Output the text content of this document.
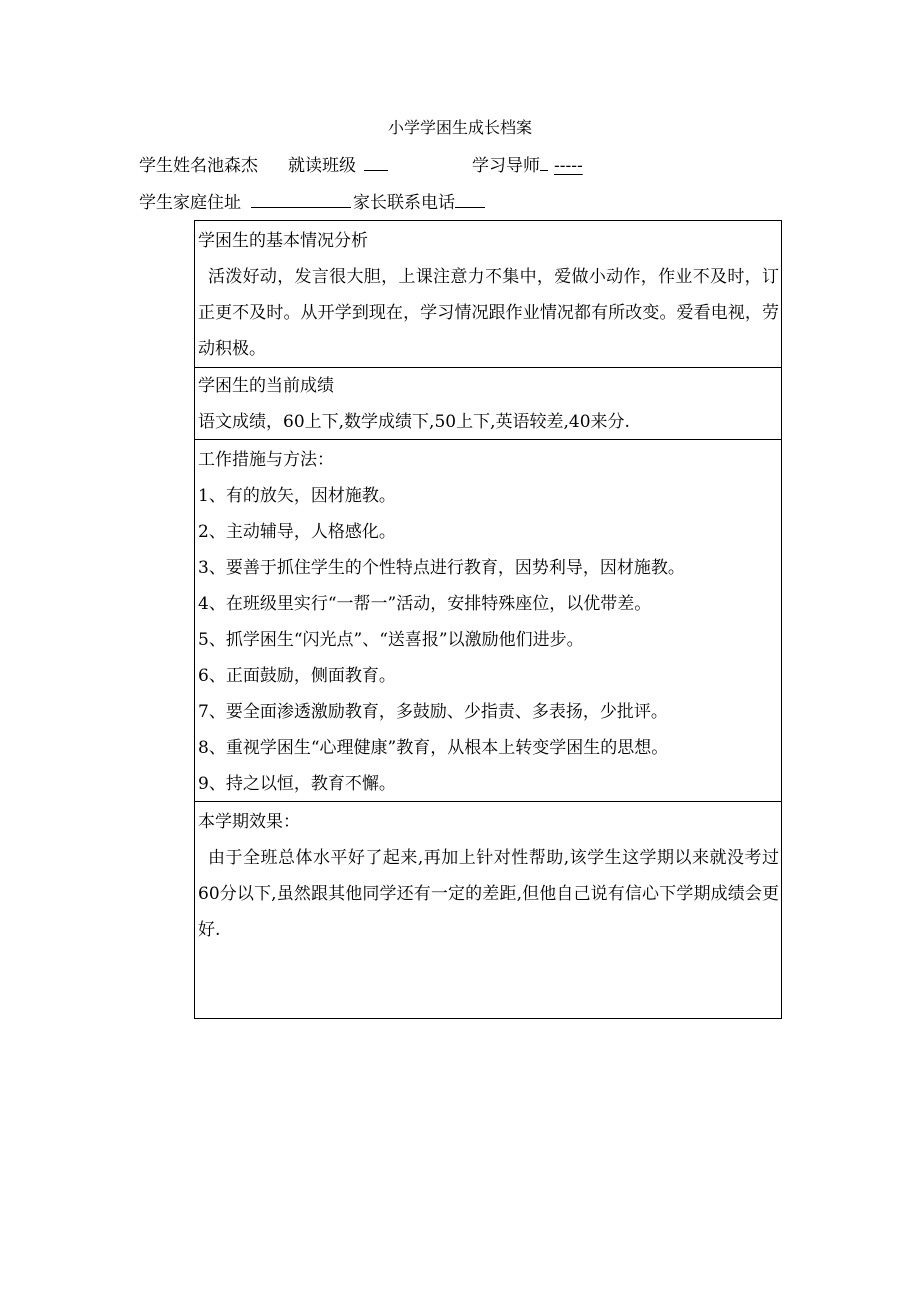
小学学困生成长档案
学生姓名池森杰 就读班级	学习导师 -----
学生家庭住址	家长联系电话
学困生的基本情况分析
活泼好动，发言很大胆，上课注意力不集中，爱做小动作，作业不及时，订正更不及时。从开学到现在，学习情况跟作业情况都有所改变。爱看电视，劳动积极。
学困生的当前成绩
语文成绩，60上下,数学成绩下,50上下,英语较差,40来分.
工作措施与方法：
1、有的放矢，因材施教。
2、主动辅导，人格感化。
3、要善于抓住学生的个性特点进行教育，因势利导，因材施教。
4、在班级里实行“一帮一”活动，安排特殊座位，以优带差。
5、抓学困生“闪光点”、“送喜报”以激励他们进步。
6、正面鼓励，侧面教育。
7、要全面渗透激励教育，多鼓励、少指责、多表扬，少批评。
8、重视学困生“心理健康”教育，从根本上转变学困生的思想。
9、持之以恒，教育不懈。
本学期效果：
由于全班总体水平好了起来,再加上针对性帮助,该学生这学期以来就没考过60分以下,虽然跟其他同学还有一定的差距,但他自己说有信心下学期成绩会更好.
